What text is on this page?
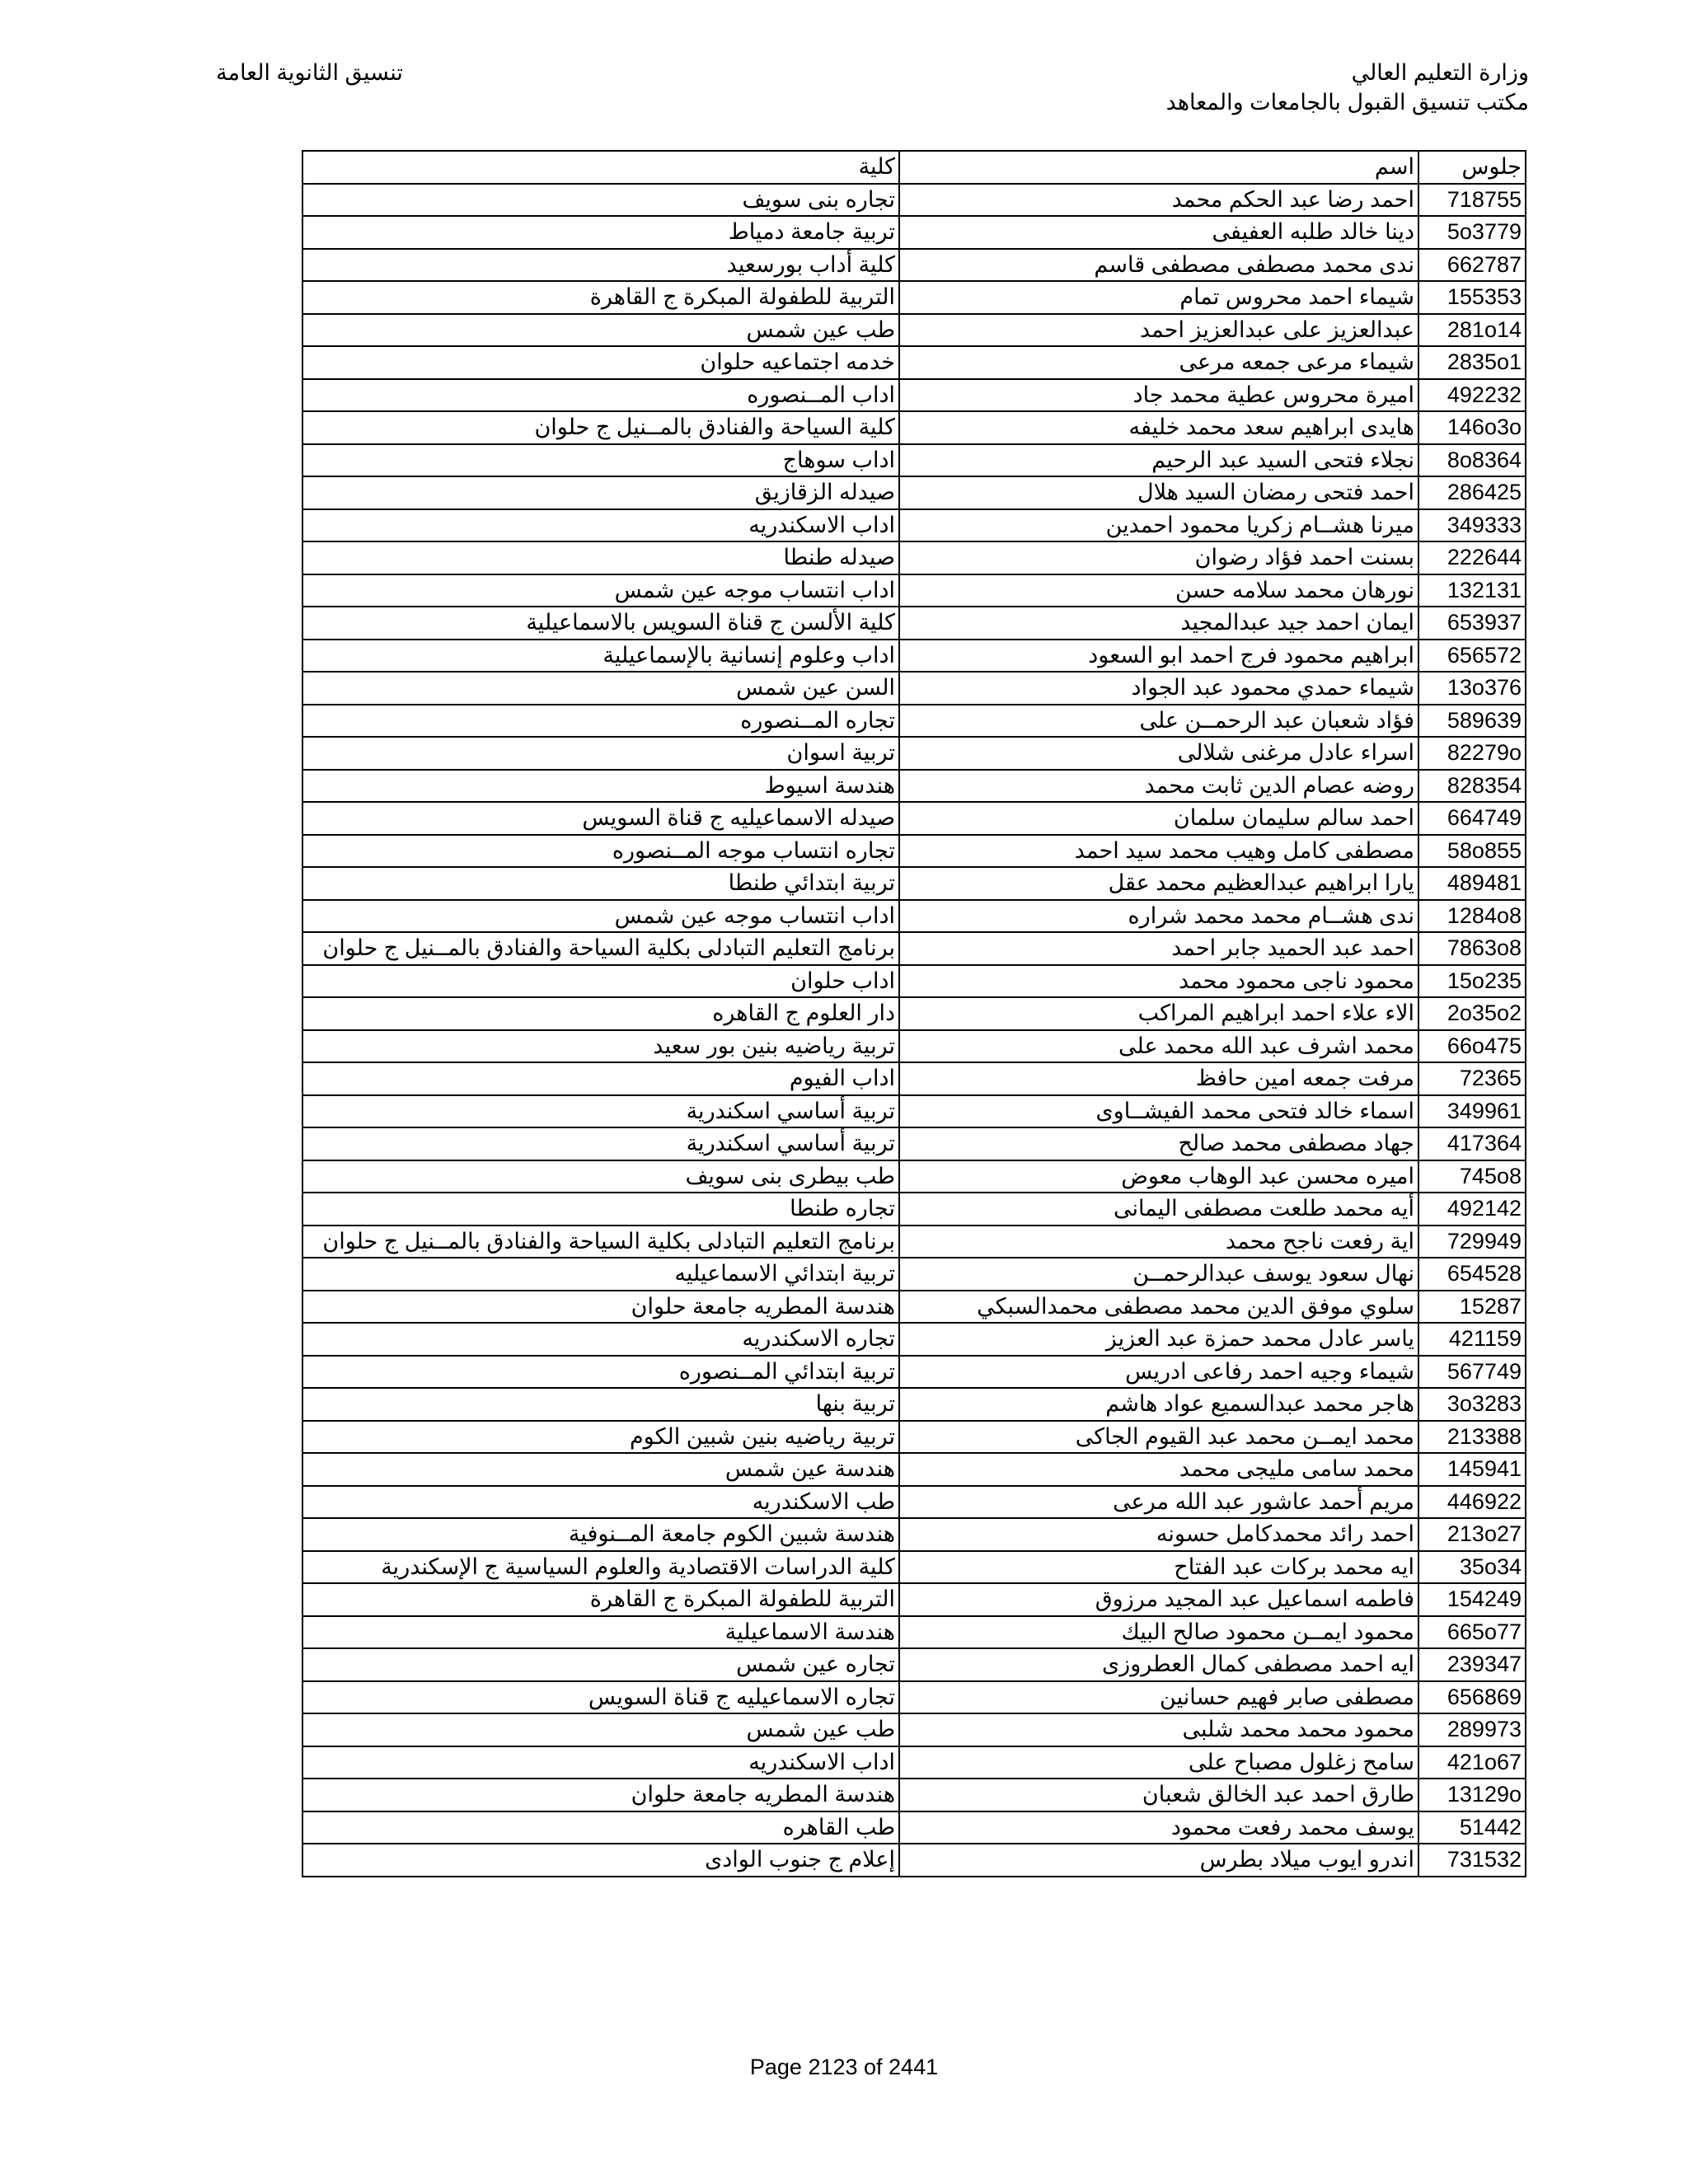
وزارة التعليم العالي
مكتب تنسيق القبول بالجامعات والمعاهد
تنسيق الثانوية العامة
جلوس	اسم	كلية
718755	احمد رضا عبد الحكم محمد	تجاره بنى سويف
5o3779	دينا خالد طلبه العفيفى	تربية جامعة دمياط
662787	ندى محمد مصطفى مصطفى قاسم	كلية أداب بورسعيد
155353	شيماء احمد محروس تمام	التربية للطفولة المبكرة ج القاهرة
281o14	عبدالعزيز على عبدالعزيز احمد	طب عين شمس
2835o1	شيماء مرعى جمعه مرعى	خدمه اجتماعيه حلوان
492232	اميرة محروس عطية محمد جاد	اداب المــنصوره
146o3o	هايدى ابراهيم سعد محمد خليفه	كلية السياحة والفنادق بالمــنيل ج حلوان
8o8364	نجلاء فتحى السيد عبد الرحيم	اداب سوهاج
286425	احمد فتحى رمضان السيد هلال	صيدله الزقازيق
349333	ميرنا هشــام زكريا محمود احمدين	اداب الاسكندريه
222644	بسنت احمد فؤاد رضوان	صيدله طنطا
132131	نورهان محمد سلامه حسن	اداب انتساب موجه عين شمس
653937	ايمان احمد جيد عبدالمجيد	كلية الألسن ج قناة السويس بالاسماعيلية
656572	ابراهيم محمود فرج احمد ابو السعود	اداب وعلوم إنسانية بالإسماعيلية
13o376	شيماء حمدي محمود عبد الجواد	السن عين شمس
589639	فؤاد شعبان عبد الرحمــن على	تجاره المــنصوره
82279o	اسراء عادل مرغنى شلالى	تربية اسوان
828354	روضه عصام الدين ثابت محمد	هندسة اسيوط
664749	احمد سالم سليمان سلمان	صيدله الاسماعيليه ج قناة السويس
58o855	مصطفى كامل وهيب محمد سيد احمد	تجاره انتساب موجه المــنصوره
489481	يارا ابراهيم عبدالعظيم محمد عقل	تربية ابتدائي طنطا
1284o8	ندى هشــام محمد محمد شراره	اداب انتساب موجه عين شمس
7863o8	احمد عبد الحميد جابر احمد	برنامج التعليم التبادلى بكلية السياحة والفنادق بالمــنيل ج حلوان
15o235	محمود ناجى محمود محمد	اداب حلوان
2o35o2	الاء علاء احمد ابراهيم المراكب	دار العلوم ج القاهره
66o475	محمد اشرف عبد الله محمد على	تربية رياضيه بنين بور سعيد
72365	مرفت جمعه امين حافظ	اداب الفيوم
349961	اسماء خالد فتحى محمد الفيشــاوى	تربية أساسي اسكندرية
417364	جهاد مصطفى محمد صالح	تربية أساسي اسكندرية
745o8	اميره محسن عبد الوهاب معوض	طب بيطرى بنى سويف
492142	أيه محمد طلعت مصطفى اليمانى	تجاره طنطا
729949	اية رفعت ناجح محمد	برنامج التعليم التبادلى بكلية السياحة والفنادق بالمــنيل ج حلوان
654528	نهال سعود يوسف عبدالرحمــن	تربية ابتدائي الاسماعيليه
15287	سلوي موفق الدين محمد مصطفى محمدالسبكي	هندسة المطريه جامعة حلوان
421159	ياسر عادل محمد حمزة عبد العزيز	تجاره الاسكندريه
567749	شيماء وجيه احمد رفاعى ادريس	تربية ابتدائي المــنصوره
3o3283	هاجر محمد عبدالسميع عواد هاشم	تربية بنها
213388	محمد ايمــن محمد عبد القيوم الجاكى	تربية رياضيه بنين شبين الكوم
145941	محمد سامى مليجى محمد	هندسة عين شمس
446922	مريم أحمد عاشور عبد الله مرعى	طب الاسكندريه
213o27	احمد رائد محمدكامل حسونه	هندسة شبين الكوم جامعة المــنوفية
35o34	ايه محمد بركات عبد الفتاح	كلية الدراسات الاقتصادية والعلوم السياسية ج الإسكندرية
154249	فاطمه اسماعيل عبد المجيد مرزوق	التربية للطفولة المبكرة ج القاهرة
665o77	محمود ايمــن محمود صالح البيك	هندسة الاسماعيلية
239347	ايه احمد مصطفى كمال العطروزى	تجاره عين شمس
656869	مصطفى صابر فهيم حسانين	تجاره الاسماعيليه ج قناة السويس
289973	محمود محمد محمد شلبى	طب عين شمس
421o67	سامح زغلول مصباح على	اداب الاسكندريه
13129o	طارق احمد عبد الخالق شعبان	هندسة المطريه جامعة حلوان
51442	يوسف محمد رفعت محمود	طب القاهره
731532	اندرو ايوب ميلاد بطرس	إعلام ج جنوب الوادى
Page 2123 of 2441
